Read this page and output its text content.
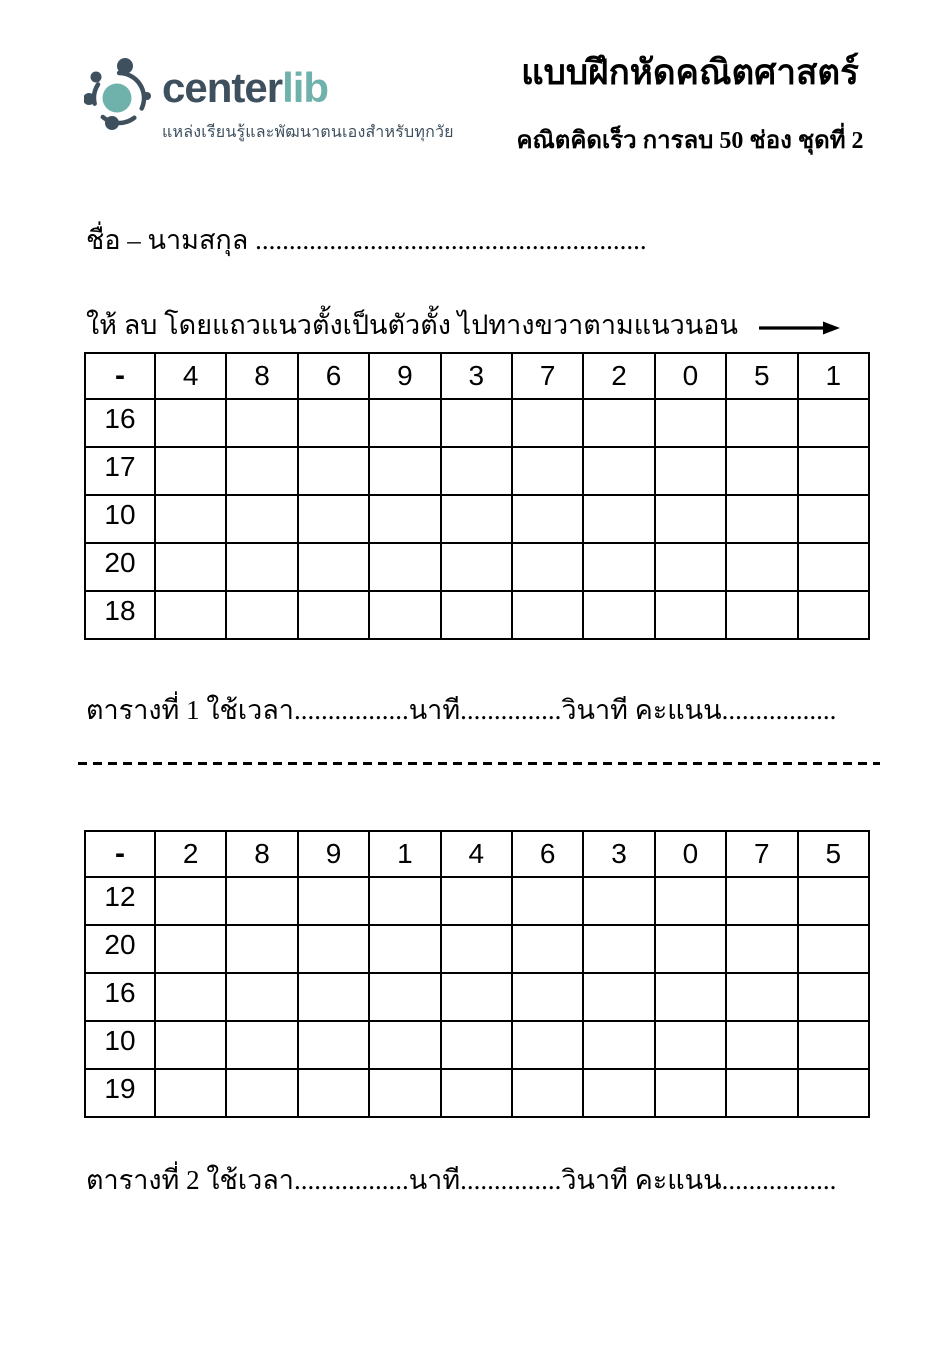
centerlib
แหล่งเรียนรู้และพัฒนาตนเองสำหรับทุกวัย
แบบฝึกหัดคณิตศาสตร์
คณิตคิดเร็ว การลบ 50 ช่อง ชุดที่ 2
ชื่อ – นามสกุล ..........................................................
ให้ ลบ โดยแถวแนวตั้งเป็นตัวตั้ง ไปทางขวาตามแนวนอน
-	4	8	6	9	3	7	2	0	5	1
16										
17										
10										
20										
18										
ตารางที่ 1 ใช้เวลา.................นาที...............วินาที คะแนน.................
-	2	8	9	1	4	6	3	0	7	5
12										
20										
16										
10										
19										
ตารางที่ 2 ใช้เวลา.................นาที...............วินาที คะแนน.................
